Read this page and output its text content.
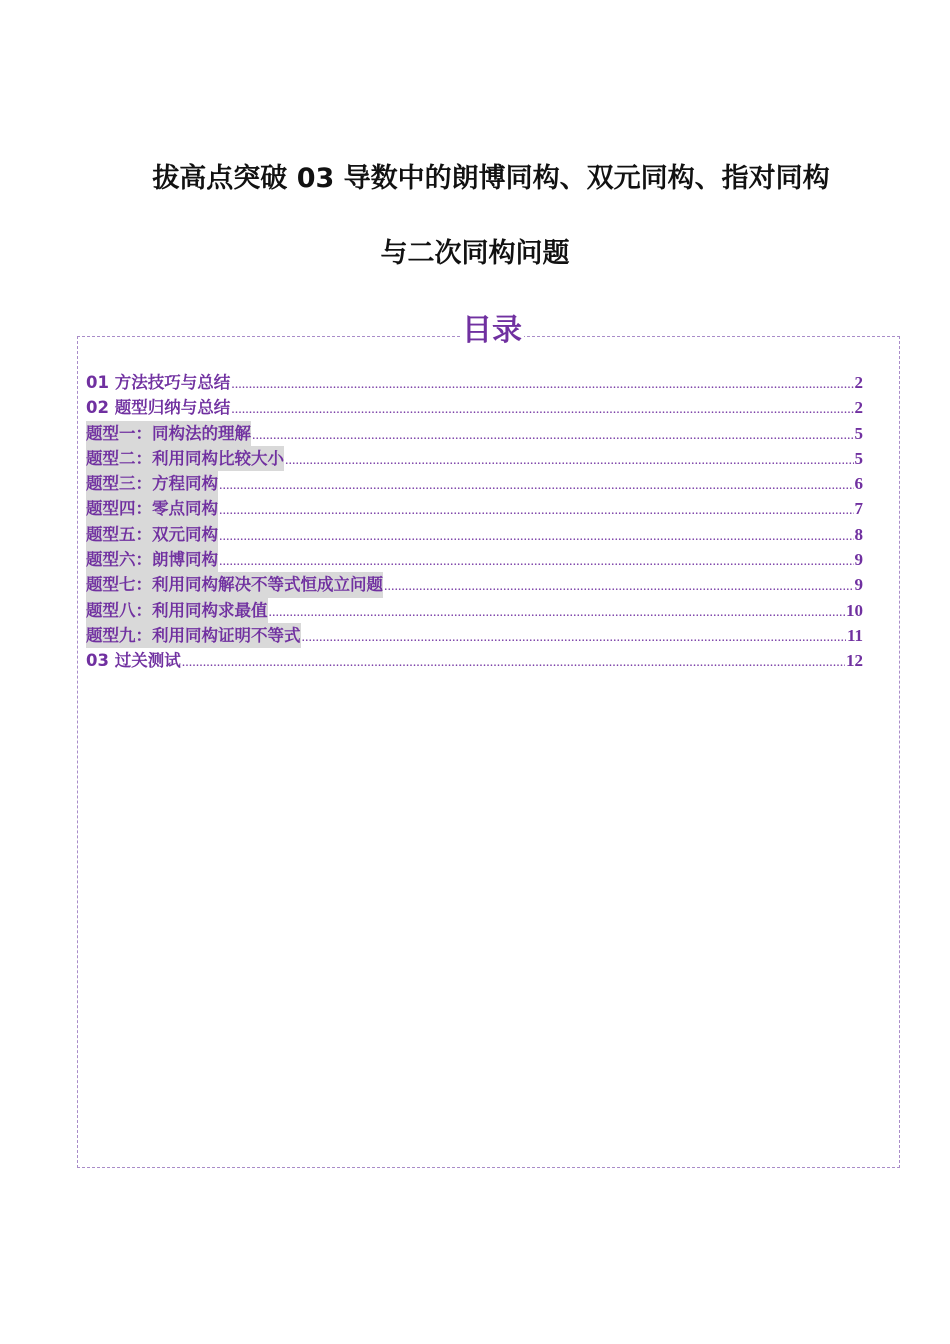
拔高点突破 03 导数中的朗博同构、双元同构、指对同构
与二次同构问题
目录
01 方法技巧与总结 .....	2
02 题型归纳与总结 .....	2
题型一：同构法的理解 .....	5
题型二：利用同构比较大小 .....	5
题型三：方程同构 .....	6
题型四：零点同构 .....	7
题型五：双元同构 .....	8
题型六：朗博同构 .....	9
题型七：利用同构解决不等式恒成立问题 .....	9
题型八：利用同构求最值 .....	10
题型九：利用同构证明不等式 .....	11
03 过关测试 .....	12
